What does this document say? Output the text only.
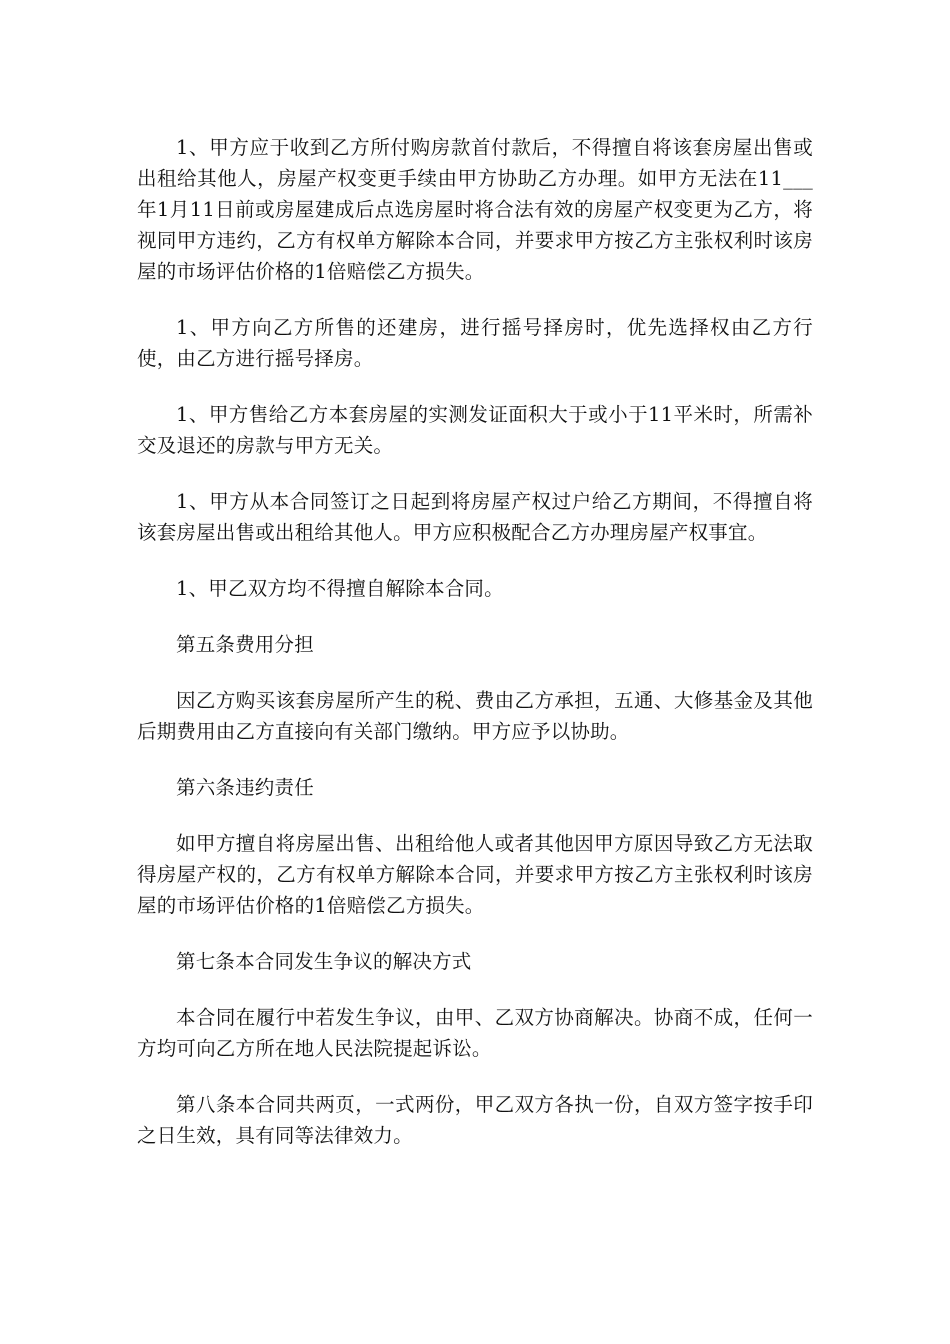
1、甲方应于收到乙方所付购房款首付款后，不得擅自将该套房屋出售或出租给其他人，房屋产权变更手续由甲方协助乙方办理。如甲方无法在11___年1月11日前或房屋建成后点选房屋时将合法有效的房屋产权变更为乙方，将视同甲方违约，乙方有权单方解除本合同，并要求甲方按乙方主张权利时该房屋的市场评估价格的1倍赔偿乙方损失。

1、甲方向乙方所售的还建房，进行摇号择房时，优先选择权由乙方行使，由乙方进行摇号择房。

1、甲方售给乙方本套房屋的实测发证面积大于或小于11平米时，所需补交及退还的房款与甲方无关。

1、甲方从本合同签订之日起到将房屋产权过户给乙方期间，不得擅自将该套房屋出售或出租给其他人。甲方应积极配合乙方办理房屋产权事宜。

1、甲乙双方均不得擅自解除本合同。

第五条费用分担

因乙方购买该套房屋所产生的税、费由乙方承担，五通、大修基金及其他后期费用由乙方直接向有关部门缴纳。甲方应予以协助。

第六条违约责任

如甲方擅自将房屋出售、出租给他人或者其他因甲方原因导致乙方无法取得房屋产权的，乙方有权单方解除本合同，并要求甲方按乙方主张权利时该房屋的市场评估价格的1倍赔偿乙方损失。

第七条本合同发生争议的解决方式

本合同在履行中若发生争议，由甲、乙双方协商解决。协商不成，任何一方均可向乙方所在地人民法院提起诉讼。

第八条本合同共两页，一式两份，甲乙双方各执一份，自双方签字按手印之日生效，具有同等法律效力。
